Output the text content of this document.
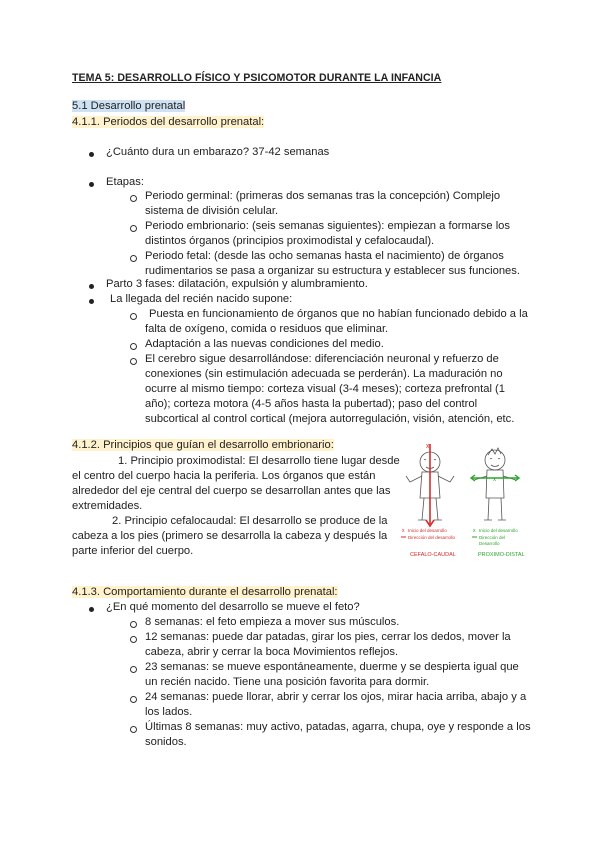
TEMA 5: DESARROLLO FÍSICO Y PSICOMOTOR DURANTE LA INFANCIA
5.1 Desarrollo prenatal
4.1.1. Periodos del desarrollo prenatal:
¿Cuánto dura un embarazo? 37-42 semanas
Etapas:
Periodo germinal: (primeras dos semanas tras la concepción) Complejo
sistema de división celular.
Periodo embrionario: (seis semanas siguientes): empiezan a formarse los
distintos órganos (principios proximodistal y cefalocaudal).
Periodo fetal: (desde las ocho semanas hasta el nacimiento) de órganos
rudimentarios se pasa a organizar su estructura y establecer sus funciones.
Parto 3 fases: dilatación, expulsión y alumbramiento.
La llegada del recién nacido supone:
Puesta en funcionamiento de órganos que no habían funcionado debido a la
falta de oxígeno, comida o residuos que eliminar.
Adaptación a las nuevas condiciones del medio.
El cerebro sigue desarrollándose: diferenciación neuronal y refuerzo de
conexiones (sin estimulación adecuada se perderán). La maduración no
ocurre al mismo tiempo: corteza visual (3-4 meses); corteza prefrontal (1
año); corteza motora (4-5 años hasta la pubertad); paso del control
subcortical al control cortical (mejora autorregulación, visión, atención, etc.
4.1.2. Principios que guían el desarrollo embrionario:
1. Principio proximodistal: El desarrollo tiene lugar desde
el centro del cuerpo hacia la periferia. Los órganos que están
alrededor del eje central del cuerpo se desarrollan antes que las
extremidades.
2. Principio cefalocaudal: El desarrollo se produce de la
cabeza a los pies (primero se desarrolla la cabeza y después la
parte inferior del cuerpo.
x
x
x Inicio del desarrollo
Dirección del desarrollo
x Inicio del desarrollo
Dirección del
Desarrollo
CEFALO-CAUDAL	PROXIMO-DISTAL
4.1.3. Comportamiento durante el desarrollo prenatal:
¿En qué momento del desarrollo se mueve el feto?
8 semanas: el feto empieza a mover sus músculos.
12 semanas: puede dar patadas, girar los pies, cerrar los dedos, mover la
cabeza, abrir y cerrar la boca Movimientos reflejos.
23 semanas: se mueve espontáneamente, duerme y se despierta igual que
un recién nacido. Tiene una posición favorita para dormir.
24 semanas: puede llorar, abrir y cerrar los ojos, mirar hacia arriba, abajo y a
los lados.
Últimas 8 semanas: muy activo, patadas, agarra, chupa, oye y responde a los
sonidos.
